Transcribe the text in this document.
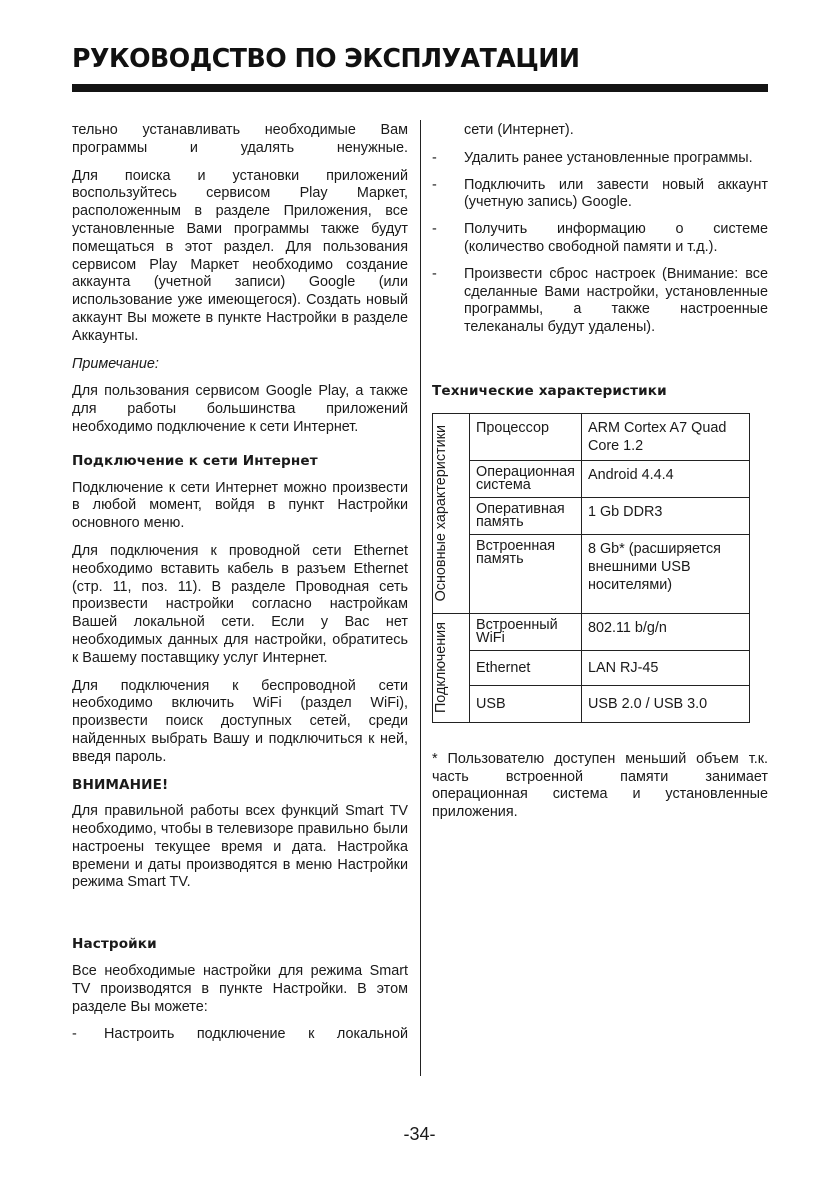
РУКОВОДСТВО ПО ЭКСПЛУАТАЦИИ

тельно устанавливать необходимые Вам программы и удалять ненужные.

Для поиска и установки приложений воспользуйтесь сервисом Play Маркет, расположенным в разделе Приложения, все установленные Вами программы также будут помещаться в этот раздел. Для пользования сервисом Play Маркет необходимо создание аккаунта (учетной записи) Google (или использование уже имеющегося). Создать новый аккаунт Вы можете в пункте Настройки в разделе Аккаунты.

Примечание:

Для пользования сервисом Google Play, а также для работы большинства приложений необходимо подключение к сети Интернет.

Подключение к сети Интернет

Подключение к сети Интернет можно произвести в любой момент, войдя в пункт Настройки основного меню.

Для подключения к проводной сети Ethernet необходимо вставить кабель в разъем Ethernet (стр. 11, поз. 11). В разделе Проводная сеть произвести настройки согласно настройкам Вашей локальной сети. Если у Вас нет необходимых данных для настройки, обратитесь к Вашему поставщику услуг Интернет.

Для подключения к беспроводной сети необходимо включить WiFi (раздел WiFi), произвести поиск доступных сетей, среди найденных выбрать Вашу и подключиться к ней, введя пароль.

ВНИМАНИЕ!

Для правильной работы всех функций Smart TV необходимо, чтобы в телевизоре правильно были настроены текущее время и дата. Настройка времени и даты производятся в меню Настройки режима Smart TV.

Настройки

Все необходимые настройки для режима Smart TV производятся в пункте Настройки. В этом разделе Вы можете:

-	Настроить подключение к локальной

сети (Интернет).

-	Удалить ранее установленные программы.
-	Подключить или завести новый аккаунт (учетную запись) Google.
-	Получить информацию о системе (количество свободной памяти и т.д.).
-	Произвести сброс настроек (Внимание: все сделанные Вами настройки, установленные программы, а также настроенные телеканалы будут удалены).
Технические характеристики
Основные характеристики	Процессор	ARM Cortex A7 Quad Core 1.2
	Операционная система	Android 4.4.4
	Оперативная память	1 Gb DDR3
	Встроенная память	8 Gb* (расширяется внешними USB носителями)

Подключения	Встроенный WiFi	802.11 b/g/n
	Ethernet	LAN RJ-45
	USB	USB 2.0 / USB 3.0

* Пользователю доступен меньший объем т.к. часть встроенной памяти занимает операционная система и установленные приложения.

-34-
